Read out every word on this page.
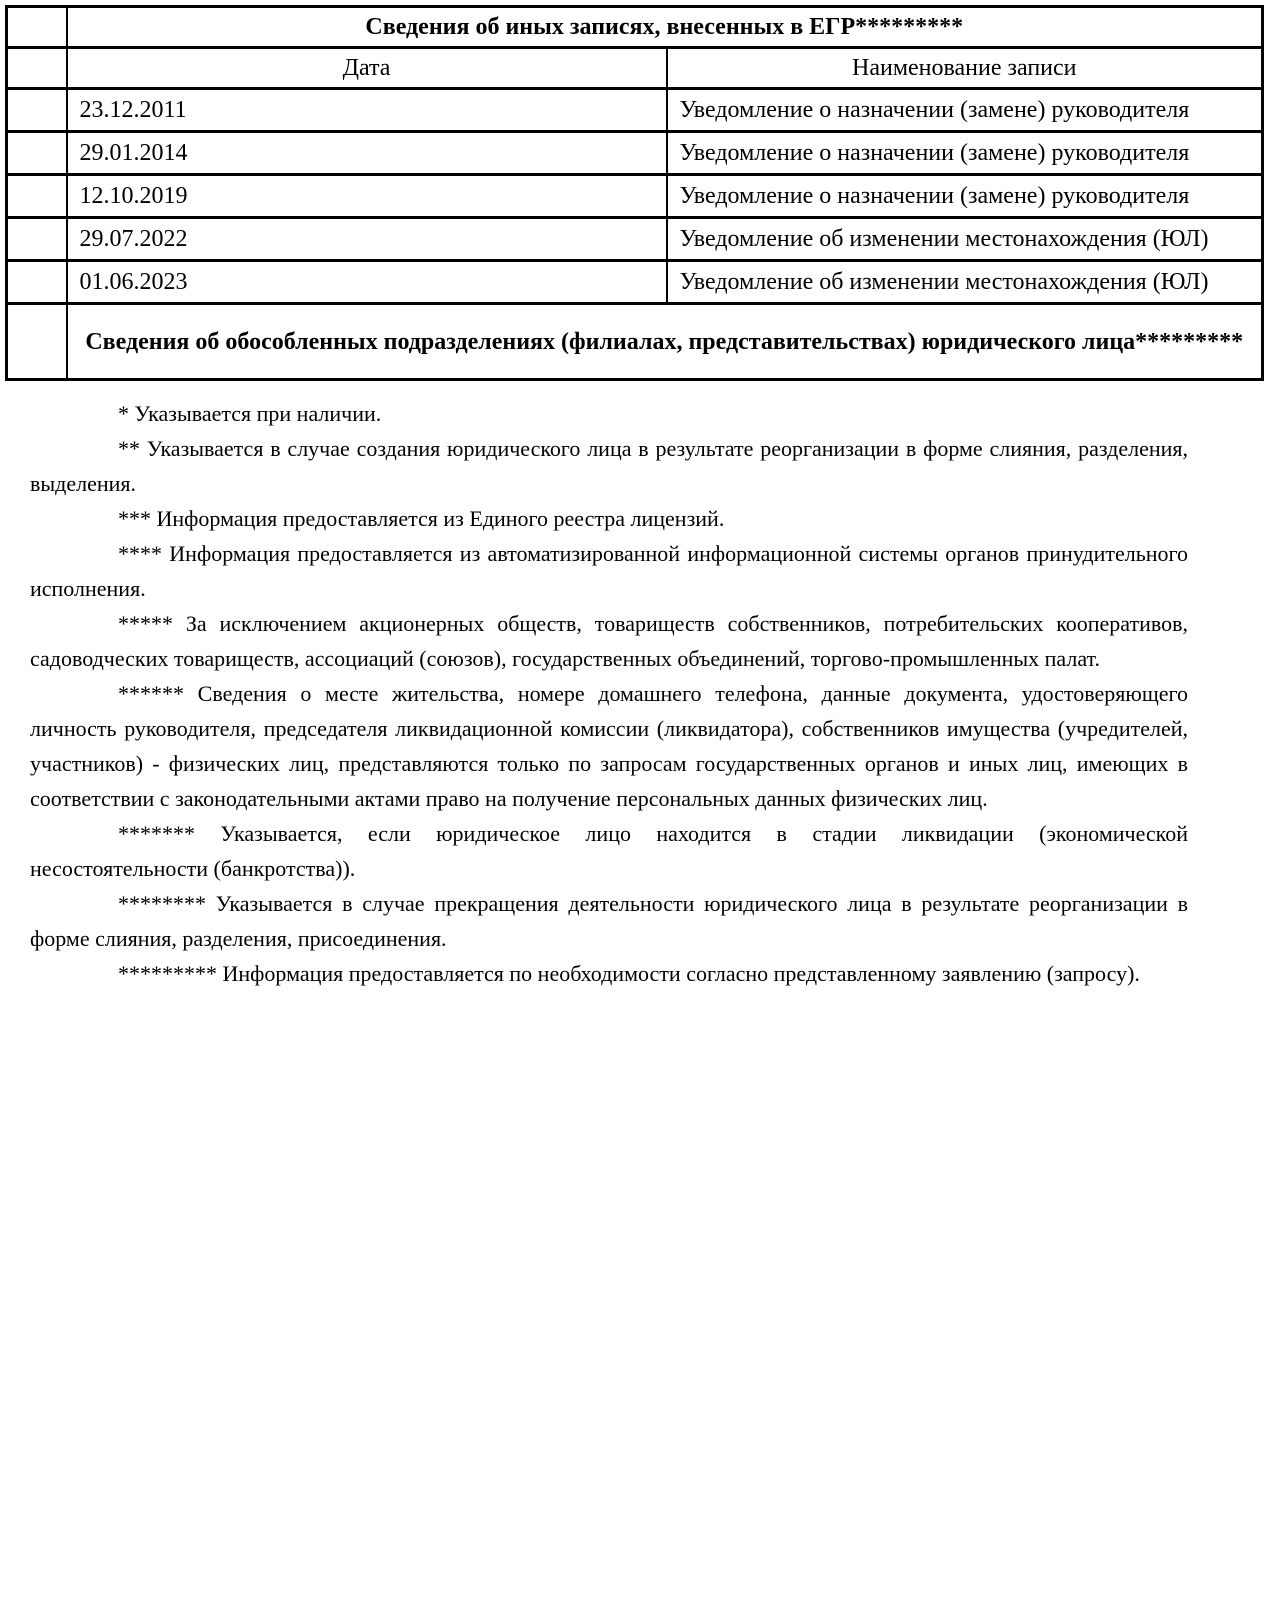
	Сведения об иных записях, внесенных в ЕГР*********	
	Дата	Наименование записи
	23.12.2011	Уведомление о назначении (замене) руководителя
	29.01.2014	Уведомление о назначении (замене) руководителя
	12.10.2019	Уведомление о назначении (замене) руководителя
	29.07.2022	Уведомление об изменении местонахождения (ЮЛ)
	01.06.2023	Уведомление об изменении местонахождения (ЮЛ)
	Сведения об обособленных подразделениях (филиалах, представительствах) юридического лица*********	

* Указывается при наличии.

** Указывается в случае создания юридического лица в результате реорганизации в форме слияния, разделения, выделения.

*** Информация предоставляется из Единого реестра лицензий.

**** Информация предоставляется из автоматизированной информационной системы органов принудительного исполнения.

***** За исключением акционерных обществ, товариществ собственников, потребительских кооперативов, садоводческих товариществ, ассоциаций (союзов), государственных объединений, торгово-промышленных палат.

****** Сведения о месте жительства, номере домашнего телефона, данные документа, удостоверяющего личность руководителя, председателя ликвидационной комиссии (ликвидатора), собственников имущества (учредителей, участников) - физических лиц, представляются только по запросам государственных органов и иных лиц, имеющих в соответствии с законодательными актами право на получение персональных данных физических лиц.

******* Указывается, если юридическое лицо находится в стадии ликвидации (экономической несостоятельности (банкротства)).

******** Указывается в случае прекращения деятельности юридического лица в результате реорганизации в форме слияния, разделения, присоединения.

********* Информация предоставляется по необходимости согласно представленному заявлению (запросу).
